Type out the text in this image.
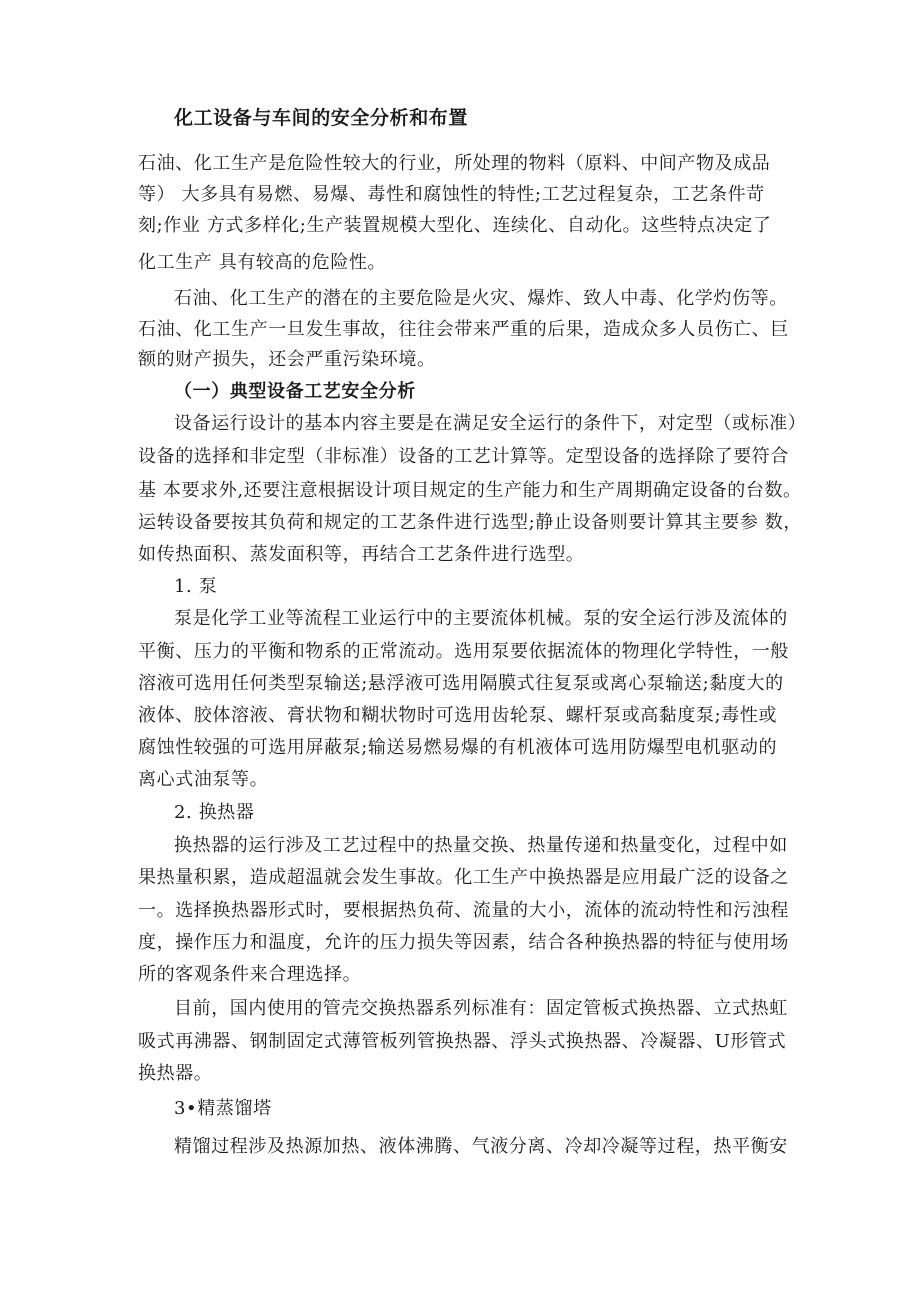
化工设备与车间的安全分析和布置
石油、化工生产是危险性较大的行业，所处理的物料（原料、中间产物及成品
等） 大多具有易燃、易爆、毒性和腐蚀性的特性;工艺过程复杂，工艺条件苛
刻;作业 方式多样化;生产装置规模大型化、连续化、自动化。这些特点决定了
化工生产 具有较高的危险性。
石油、化工生产的潜在的主要危险是火灾、爆炸、致人中毒、化学灼伤等。
石油、化工生产一旦发生事故，往往会带来严重的后果，造成众多人员伤亡、巨
额的财产损失，还会严重污染环境。
（一）典型设备工艺安全分析
设备运行设计的基本内容主要是在满足安全运行的条件下，对定型（或标准）
设备的选择和非定型（非标准）设备的工艺计算等。定型设备的选择除了要符合
基 本要求外,还要注意根据设计项目规定的生产能力和生产周期确定设备的台数。
运转设备要按其负荷和规定的工艺条件进行选型;静止设备则要计算其主要参 数，
如传热面积、蒸发面积等，再结合工艺条件进行选型。
1. 泵
泵是化学工业等流程工业运行中的主要流体机械。泵的安全运行涉及流体的
平衡、压力的平衡和物系的正常流动。选用泵要依据流体的物理化学特性，一般
溶液可选用任何类型泵输送;悬浮液可选用隔膜式往复泵或离心泵输送;黏度大的
液体、胶体溶液、膏状物和糊状物时可选用齿轮泵、螺杆泵或高黏度泵;毒性或
腐蚀性较强的可选用屏蔽泵;输送易燃易爆的有机液体可选用防爆型电机驱动的
离心式油泵等。
2. 换热器
换热器的运行涉及工艺过程中的热量交换、热量传递和热量变化，过程中如
果热量积累，造成超温就会发生事故。化工生产中换热器是应用最广泛的设备之
一。选择换热器形式时，要根据热负荷、流量的大小，流体的流动特性和污浊程
度，操作压力和温度，允许的压力损失等因素，结合各种换热器的特征与使用场
所的客观条件来合理选择。
目前，国内使用的管壳交换热器系列标准有：固定管板式换热器、立式热虹
吸式再沸器、钢制固定式薄管板列管换热器、浮头式换热器、冷凝器、U形管式
换热器。
3•精蒸馏塔
精馏过程涉及热源加热、液体沸腾、气液分离、冷却冷凝等过程，热平衡安
